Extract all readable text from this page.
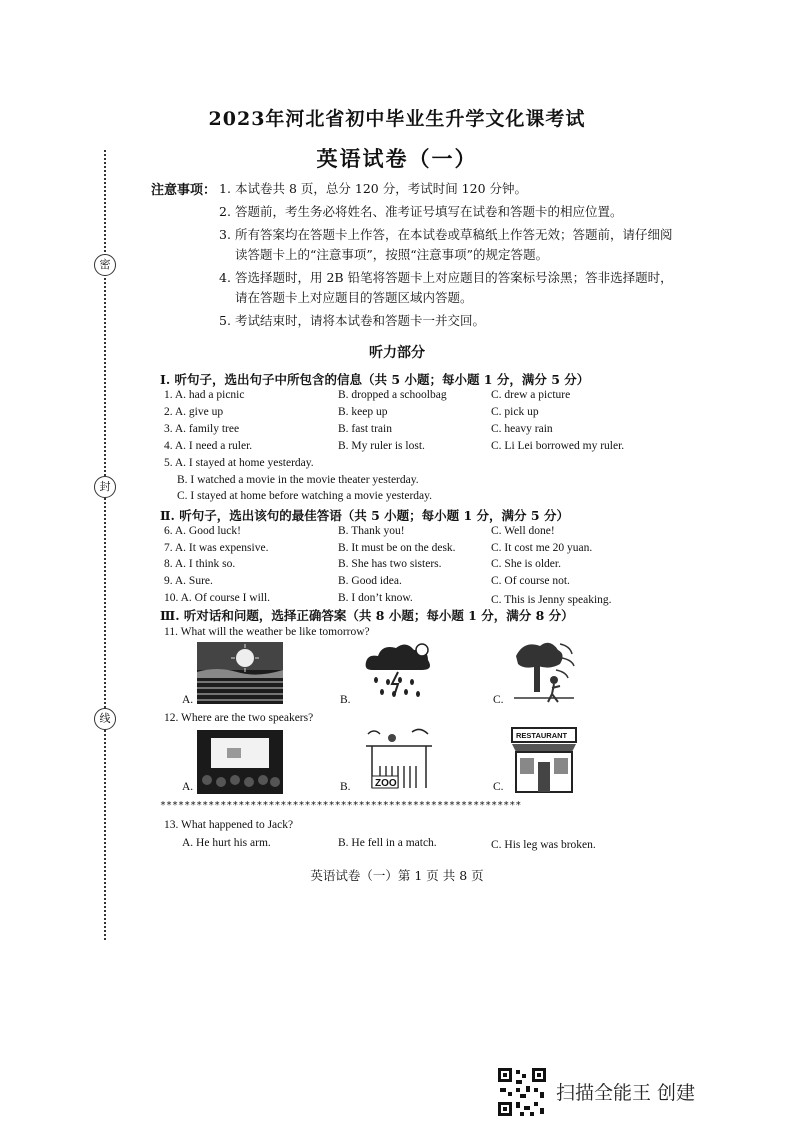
密
封
线
2023年河北省初中毕业生升学文化课考试
英语试卷（一）
注意事项： 1. 本试卷共 8 页，总分 120 分，考试时间 120 分钟。
2. 答题前，考生务必将姓名、准考证号填写在试卷和答题卡的相应位置。
3. 所有答案均在答题卡上作答，在本试卷或草稿纸上作答无效；答题前，请仔细阅
读答题卡上的“注意事项”，按照“注意事项”的规定答题。
4. 答选择题时，用 2B 铅笔将答题卡上对应题目的答案标号涂黑；答非选择题时，
请在答题卡上对应题目的答题区域内答题。
5. 考试结束时，请将本试卷和答题卡一并交回。
听力部分
Ⅰ. 听句子，选出句子中所包含的信息（共 5 小题；每小题 1 分，满分 5 分）
1. A. had a picnic	B. dropped a schoolbag	C. drew a picture
2. A. give up	B. keep up	C. pick up
3. A. family tree	B. fast train	C. heavy rain
4. A. I need a ruler.	B. My ruler is lost.	C. Li Lei borrowed my ruler.
5. A. I stayed at home yesterday.
B. I watched a movie in the movie theater yesterday.
C. I stayed at home before watching a movie yesterday.
Ⅱ. 听句子，选出该句的最佳答语（共 5 小题；每小题 1 分，满分 5 分）
6. A. Good luck!	B. Thank you!	C. Well done!
7. A. It was expensive.	B. It must be on the desk.	C. It cost me 20 yuan.
8. A. I think so.	B. She has two sisters.	C. She is older.
9. A. Sure.	B. Good idea.	C. Of course not.
10. A. Of course I will.	B. I don’t know.	C. This is Jenny speaking.
Ⅲ. 听对话和问题，选择正确答案（共 8 小题；每小题 1 分，满分 8 分）
11. What will the weather be like tomorrow?
A.	B.	C.
12. Where are the two speakers?
A.	B. ZOO	C.
RESTAURANT
************************************************************
13. What happened to Jack?
A. He hurt his arm.	B. He fell in a match.	C. His leg was broken.
英语试卷（一）第 1 页 共 8 页
扫描全能王 创建
